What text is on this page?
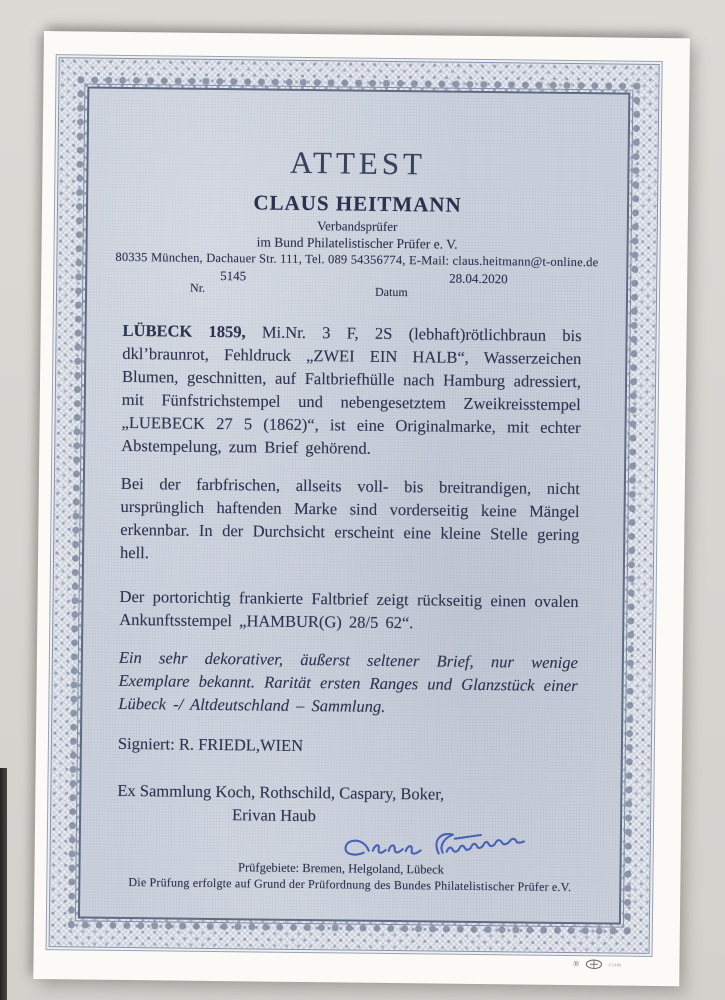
ATTEST
CLAUS HEITMANN
Verbandsprüfer
im Bund Philatelistischer Prüfer e. V.
80335 München, Dachauer Str. 111, Tel. 089 54356774, E-Mail: claus.heitmann@t-online.de
5145
Nr.
28.04.2020
Datum

LÜBECK 1859, Mi.Nr. 3 F, 2S (lebhaft)rötlichbraun bis dkl’braunrot, Fehldruck „ZWEI EIN HALB“, Wasserzeichen Blumen, geschnitten, auf Faltbriefhülle nach Hamburg adressiert, mit Fünfstrichstempel und nebengesetztem Zweikreisstempel „LUEBECK 27 5 (1862)“, ist eine Originalmarke, mit echter Abstempelung, zum Brief gehörend.

Bei der farbfrischen, allseits voll- bis breitrandigen, nicht ursprünglich haftenden Marke sind vorderseitig keine Mängel erkennbar. In der Durchsicht erscheint eine kleine Stelle gering hell.

Der portorichtig frankierte Faltbrief zeigt rückseitig einen ovalen Ankunftsstempel „HAMBUR(G) 28/5 62“.

Ein sehr dekorativer, äußerst seltener Brief, nur wenige Exemplare bekannt. Rarität ersten Ranges und Glanzstück einer Lübeck -/ Altdeutschland – Sammlung.

Signiert: R. FRIEDL,WIEN
Ex Sammlung Koch, Rothschild, Caspary, Boker,
Erivan Haub
Prüfgebiete: Bremen, Helgoland, Lübeck
Die Prüfung erfolgte auf Grund der Prüfordnung des Bundes Philatelistischer Prüfer e.V.
®	©1980
